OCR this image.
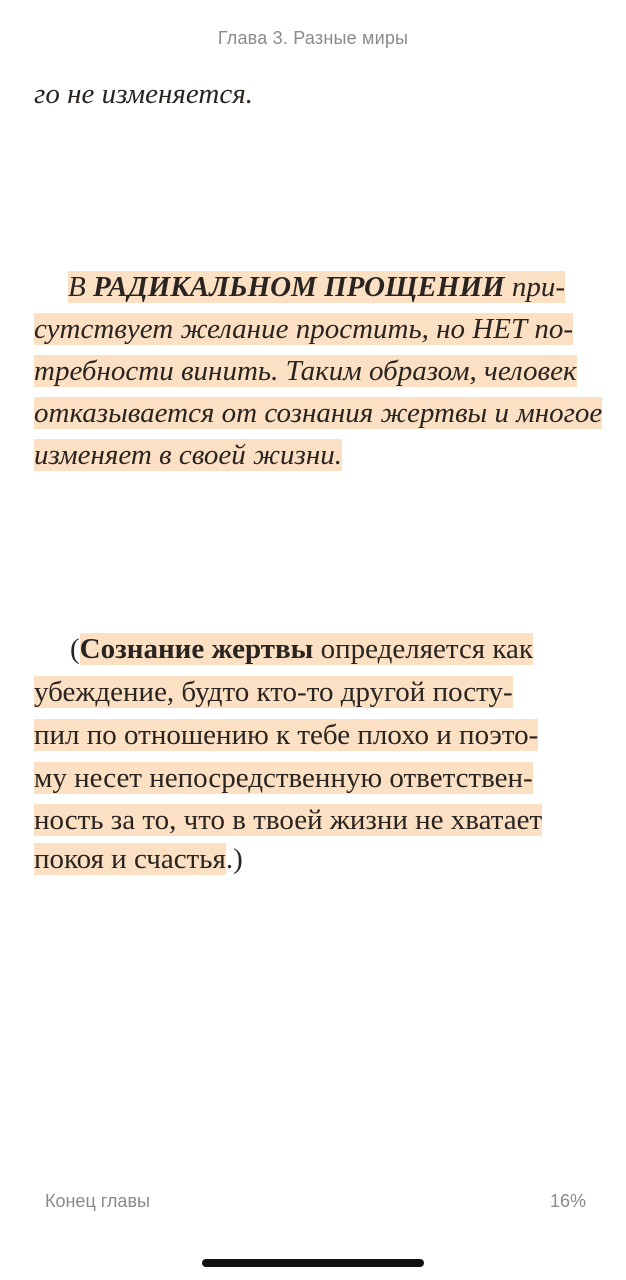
Глава 3. Разные миры
го не изменяется.
В РАДИКАЛЬНОМ ПРОЩЕНИИ при-
сутствует желание простить, но НЕТ по-
требности винить. Таким образом, человек
отказывается от сознания жертвы и многое
изменяет в своей жизни.
(Сознание жертвы определяется как
убеждение, будто кто-то другой посту-
пил по отношению к тебе плохо и поэто-
му несет непосредственную ответствен-
ность за то, что в твоей жизни не хватает
покоя и счастья.)
Конец главы	16%
